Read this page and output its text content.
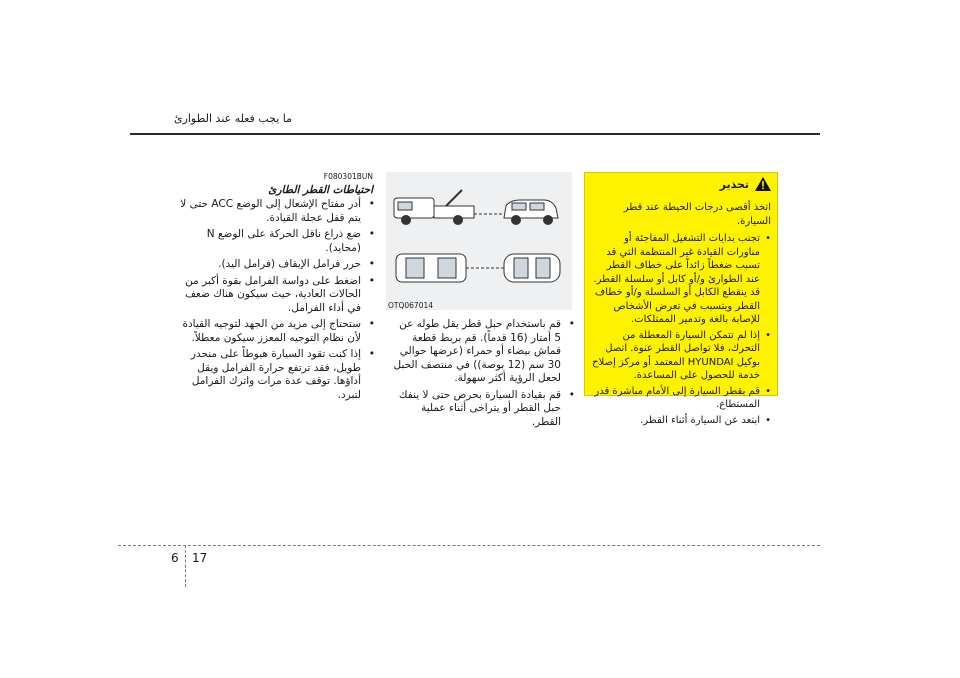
ما يجب فعله عند الطوارئ
تحذير

اتخذ أقصى درجات الحيطة عند قطر السيارة.

• تجنب بدايات التشغيل المفاجئة أو مناورات القيادة غير المنتظمة التي قد تسبب ضغطاً زائداً على خطاف القطر عند الطوارئ و/أو كابل أو سلسلة القطر. قد ينقطع الكابل أو السلسلة و/أو خطاف القطر ويتسبب في تعرض الأشخاص للإصابة بالغة وتدمير الممتلكات.
• إذا لم تتمكن السيارة المعطلة من التحرك، فلا تواصل القطر عنوة. اتصل بوكيل HYUNDAI المعتمد أو مركز إصلاح خدمة للحصول على المساعدة.
• قم بقطر السيارة إلى الأمام مباشرة قدر المستطاع.
• ابتعد عن السيارة أثناء القطر.
OTQ067014
• قم باستخدام حبل قطر يقل طوله عن 5 أمتار (16 قدماً). قم بربط قطعة قماش بيضاء أو حمراء (عرضها حوالي 30 سم (12 بوصة)) في منتصف الحبل لجعل الرؤية أكثر سهولة.
• قم بقيادة السيارة بحرص حتى لا ينفك حبل القطر أو يتراخى أثناء عملية القطر.
F080301BUN
احتياطات القطر الطارئ
• أدر مفتاح الإشعال إلى الوضع ACC حتى لا يتم قفل عجلة القيادة.
• ضع ذراع ناقل الحركة على الوضع N (محايد).
• حرر فرامل الإيقاف (فرامل اليد).
• اضغط على دواسة الفرامل بقوة أكبر من الحالات العادية، حيث سيكون هناك ضعف في أداء الفرامل.
• ستحتاج إلى مزيد من الجهد لتوجيه القيادة لأن نظام التوجيه المعزز سيكون معطلاً.
• إذا كنت تقود السيارة هبوطاً على منحدر طويل، فقد ترتفع حرارة الفرامل ويقل أداؤها. توقف عدة مرات واترك الفرامل لتبرد.
6 17
